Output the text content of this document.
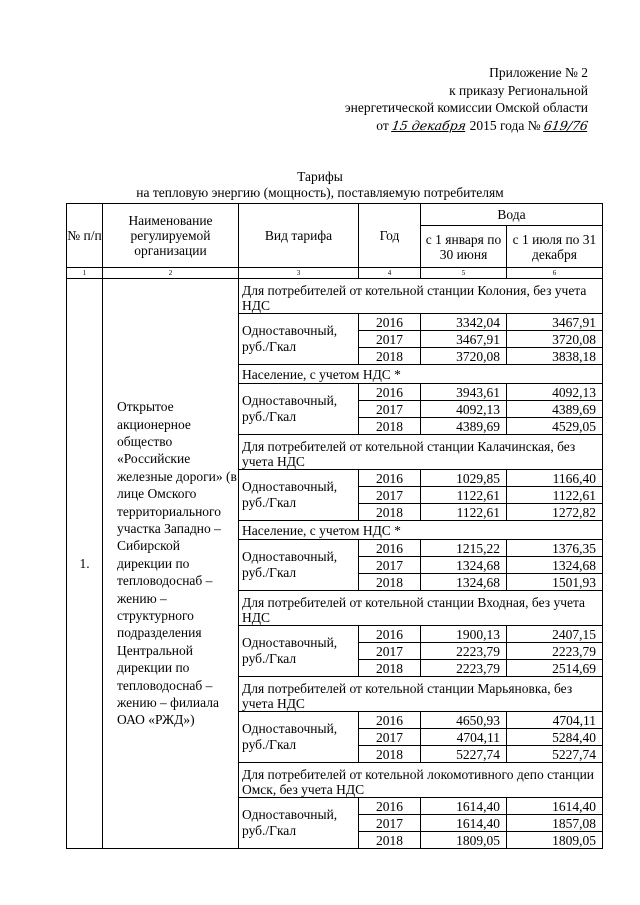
Приложение № 2
к приказу Региональной
энергетической комиссии Омской области
от 15 декабря 2015 года № 619/76
Тарифы
на тепловую энергию (мощность), поставляемую потребителям
№ п/п	Наименование регулируемой организации	Вид тарифа	Год	Вода	
				с 1 января по 30 июня	с 1 июля по 31 декабря
1	2	3	4	5	6
1.	Открытое акционерное общество «Российские железные дороги» (в лице Омского территориального участка Западно – Сибирской дирекции по тепловодоснаб – жению – структурного подразделения Центральной дирекции по тепловодоснаб – жению – филиала ОАО «РЖД»)	Для потребителей от котельной станции Колония, без учета НДС			
		Одноставочный, руб./Гкал	2016	3342,04	3467,91
			2017	3467,91	3720,08
			2018	3720,08	3838,18
		Население, с учетом НДС *			
		Одноставочный, руб./Гкал	2016	3943,61	4092,13
			2017	4092,13	4389,69
			2018	4389,69	4529,05
		Для потребителей от котельной станции Калачинская, без учета НДС			
		Одноставочный, руб./Гкал	2016	1029,85	1166,40
			2017	1122,61	1122,61
			2018	1122,61	1272,82
		Население, с учетом НДС *			
		Одноставочный, руб./Гкал	2016	1215,22	1376,35
			2017	1324,68	1324,68
			2018	1324,68	1501,93
		Для потребителей от котельной станции Входная, без учета НДС			
		Одноставочный, руб./Гкал	2016	1900,13	2407,15
			2017	2223,79	2223,79
			2018	2223,79	2514,69
		Для потребителей от котельной станции Марьяновка, без учета НДС			
		Одноставочный, руб./Гкал	2016	4650,93	4704,11
			2017	4704,11	5284,40
			2018	5227,74	5227,74
		Для потребителей от котельной локомотивного депо станции Омск, без учета НДС			
		Одноставочный, руб./Гкал	2016	1614,40	1614,40
			2017	1614,40	1857,08
			2018	1809,05	1809,05
